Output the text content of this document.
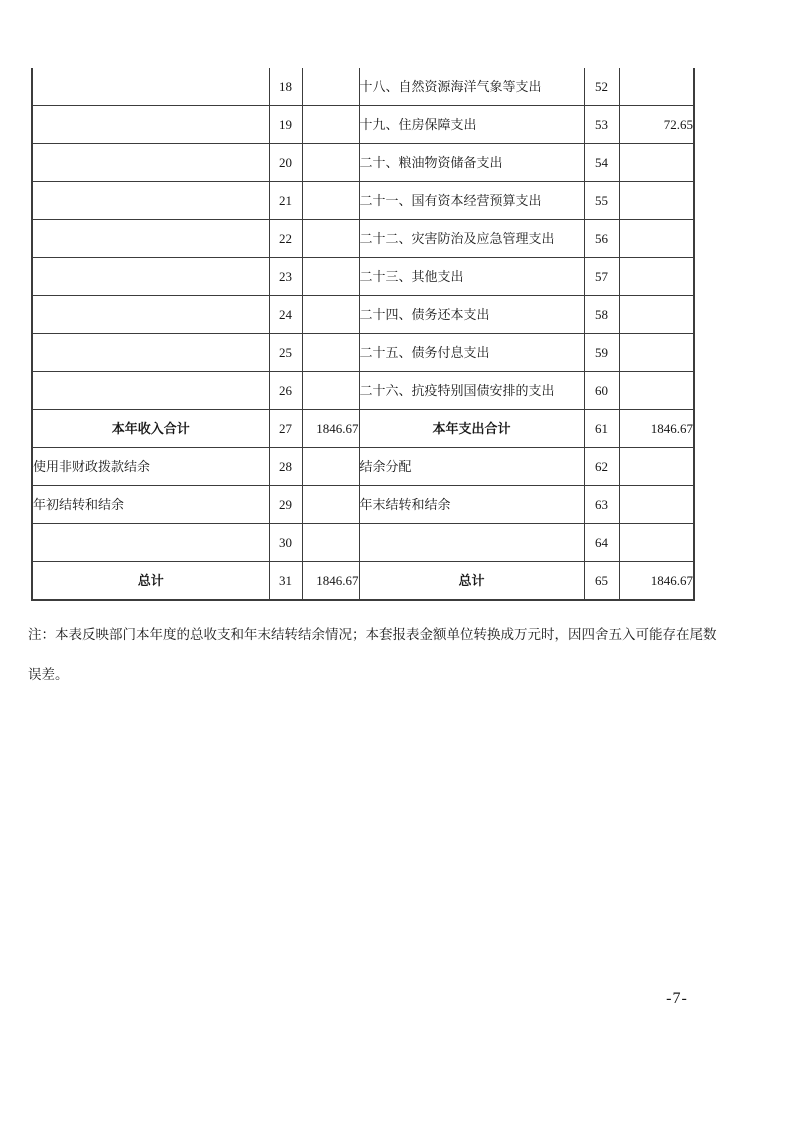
	18		十八、自然资源海洋气象等支出	52	
	19		十九、住房保障支出	53	72.65
	20		二十、粮油物资储备支出	54	
	21		二十一、国有资本经营预算支出	55	
	22		二十二、灾害防治及应急管理支出	56	
	23		二十三、其他支出	57	
	24		二十四、债务还本支出	58	
	25		二十五、债务付息支出	59	
	26		二十六、抗疫特别国债安排的支出	60	
本年收入合计	27	1846.67	本年支出合计	61	1846.67
使用非财政拨款结余	28		结余分配	62	
年初结转和结余	29		年末结转和结余	63	
	30			64	
总计	31	1846.67	总计	65	1846.67
注：本表反映部门本年度的总收支和年末结转结余情况；本套报表金额单位转换成万元时，因四舍五入可能存在尾数
误差。
-7-
